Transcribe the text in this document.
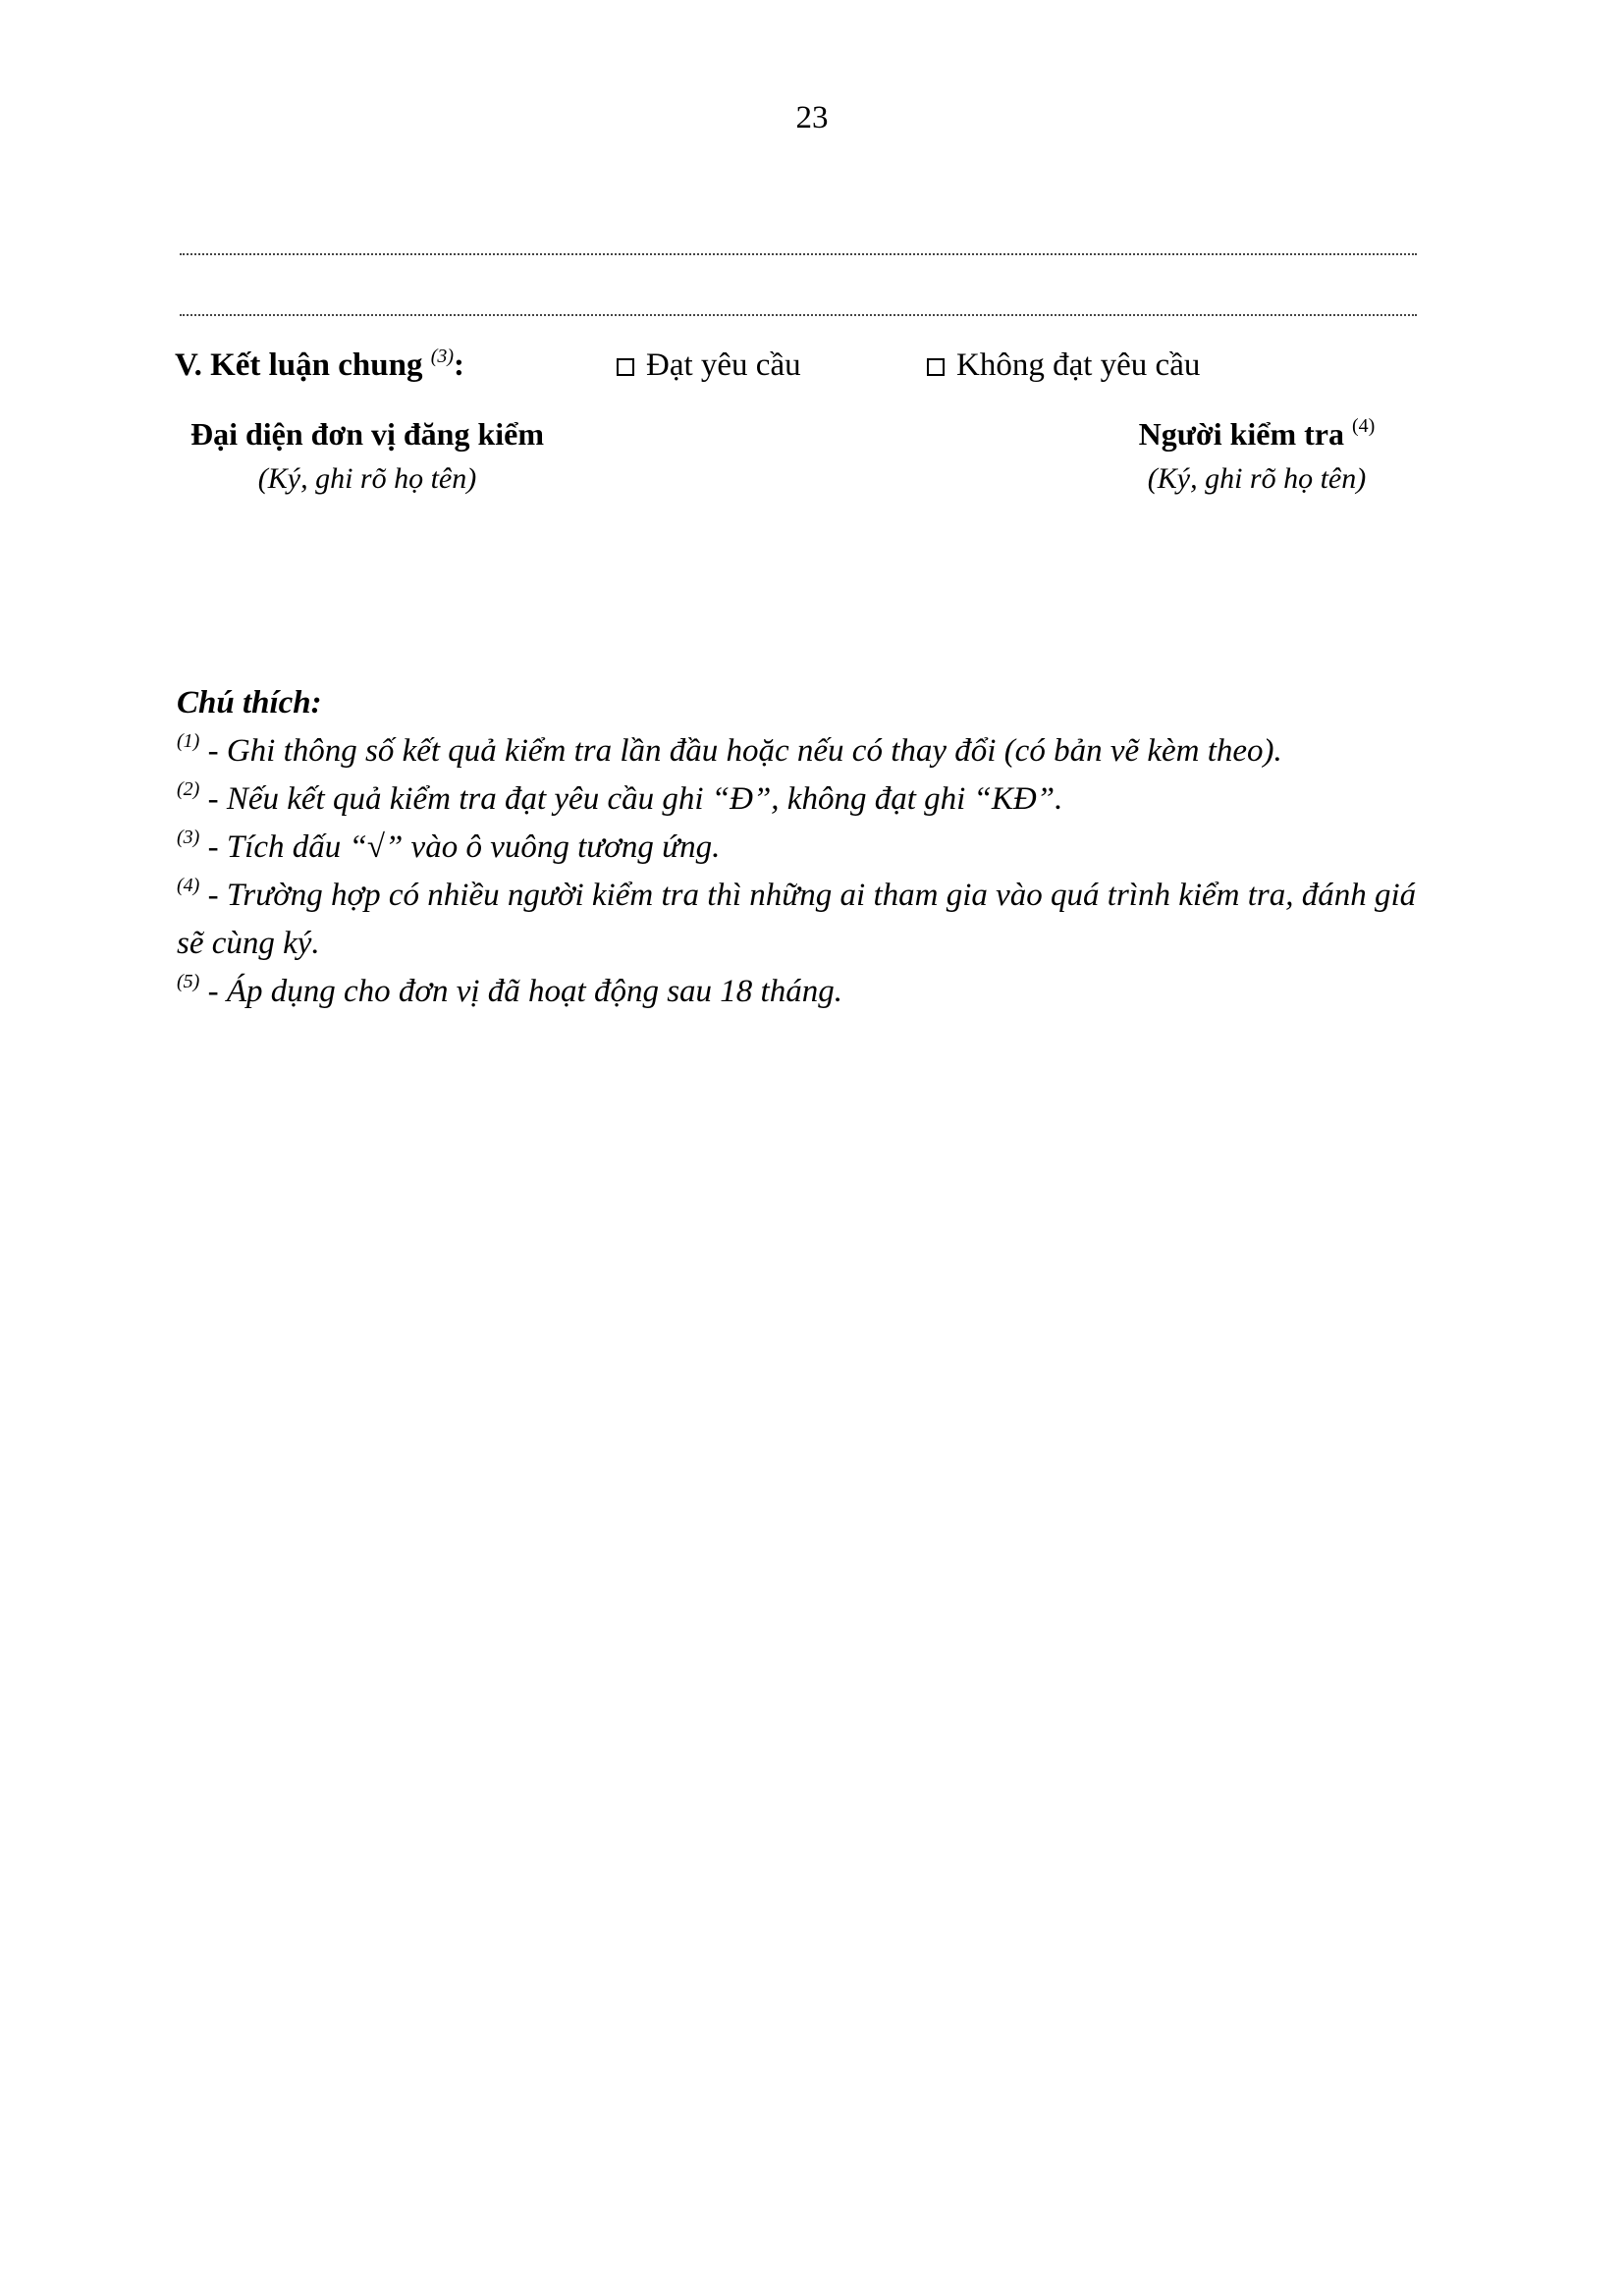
23
V. Kết luận chung $^{(3)}$:	Đạt yêu cầu	Không đạt yêu cầu
Đại diện đơn vị đăng kiểm
(Ký, ghi rõ họ tên)
Người kiểm tra $^{(4)}$
(Ký, ghi rõ họ tên)

Chú thích:

$^{(1)}$ - Ghi thông số kết quả kiểm tra lần đầu hoặc nếu có thay đổi (có bản vẽ kèm theo).

$^{(2)}$ - Nếu kết quả kiểm tra đạt yêu cầu ghi “Đ”, không đạt ghi “KĐ”.

$^{(3)}$ - Tích dấu “√” vào ô vuông tương ứng.

$^{(4)}$ - Trường hợp có nhiều người kiểm tra thì những ai tham gia vào quá trình kiểm tra, đánh giá sẽ cùng ký.

$^{(5)}$ - Áp dụng cho đơn vị đã hoạt động sau 18 tháng.
